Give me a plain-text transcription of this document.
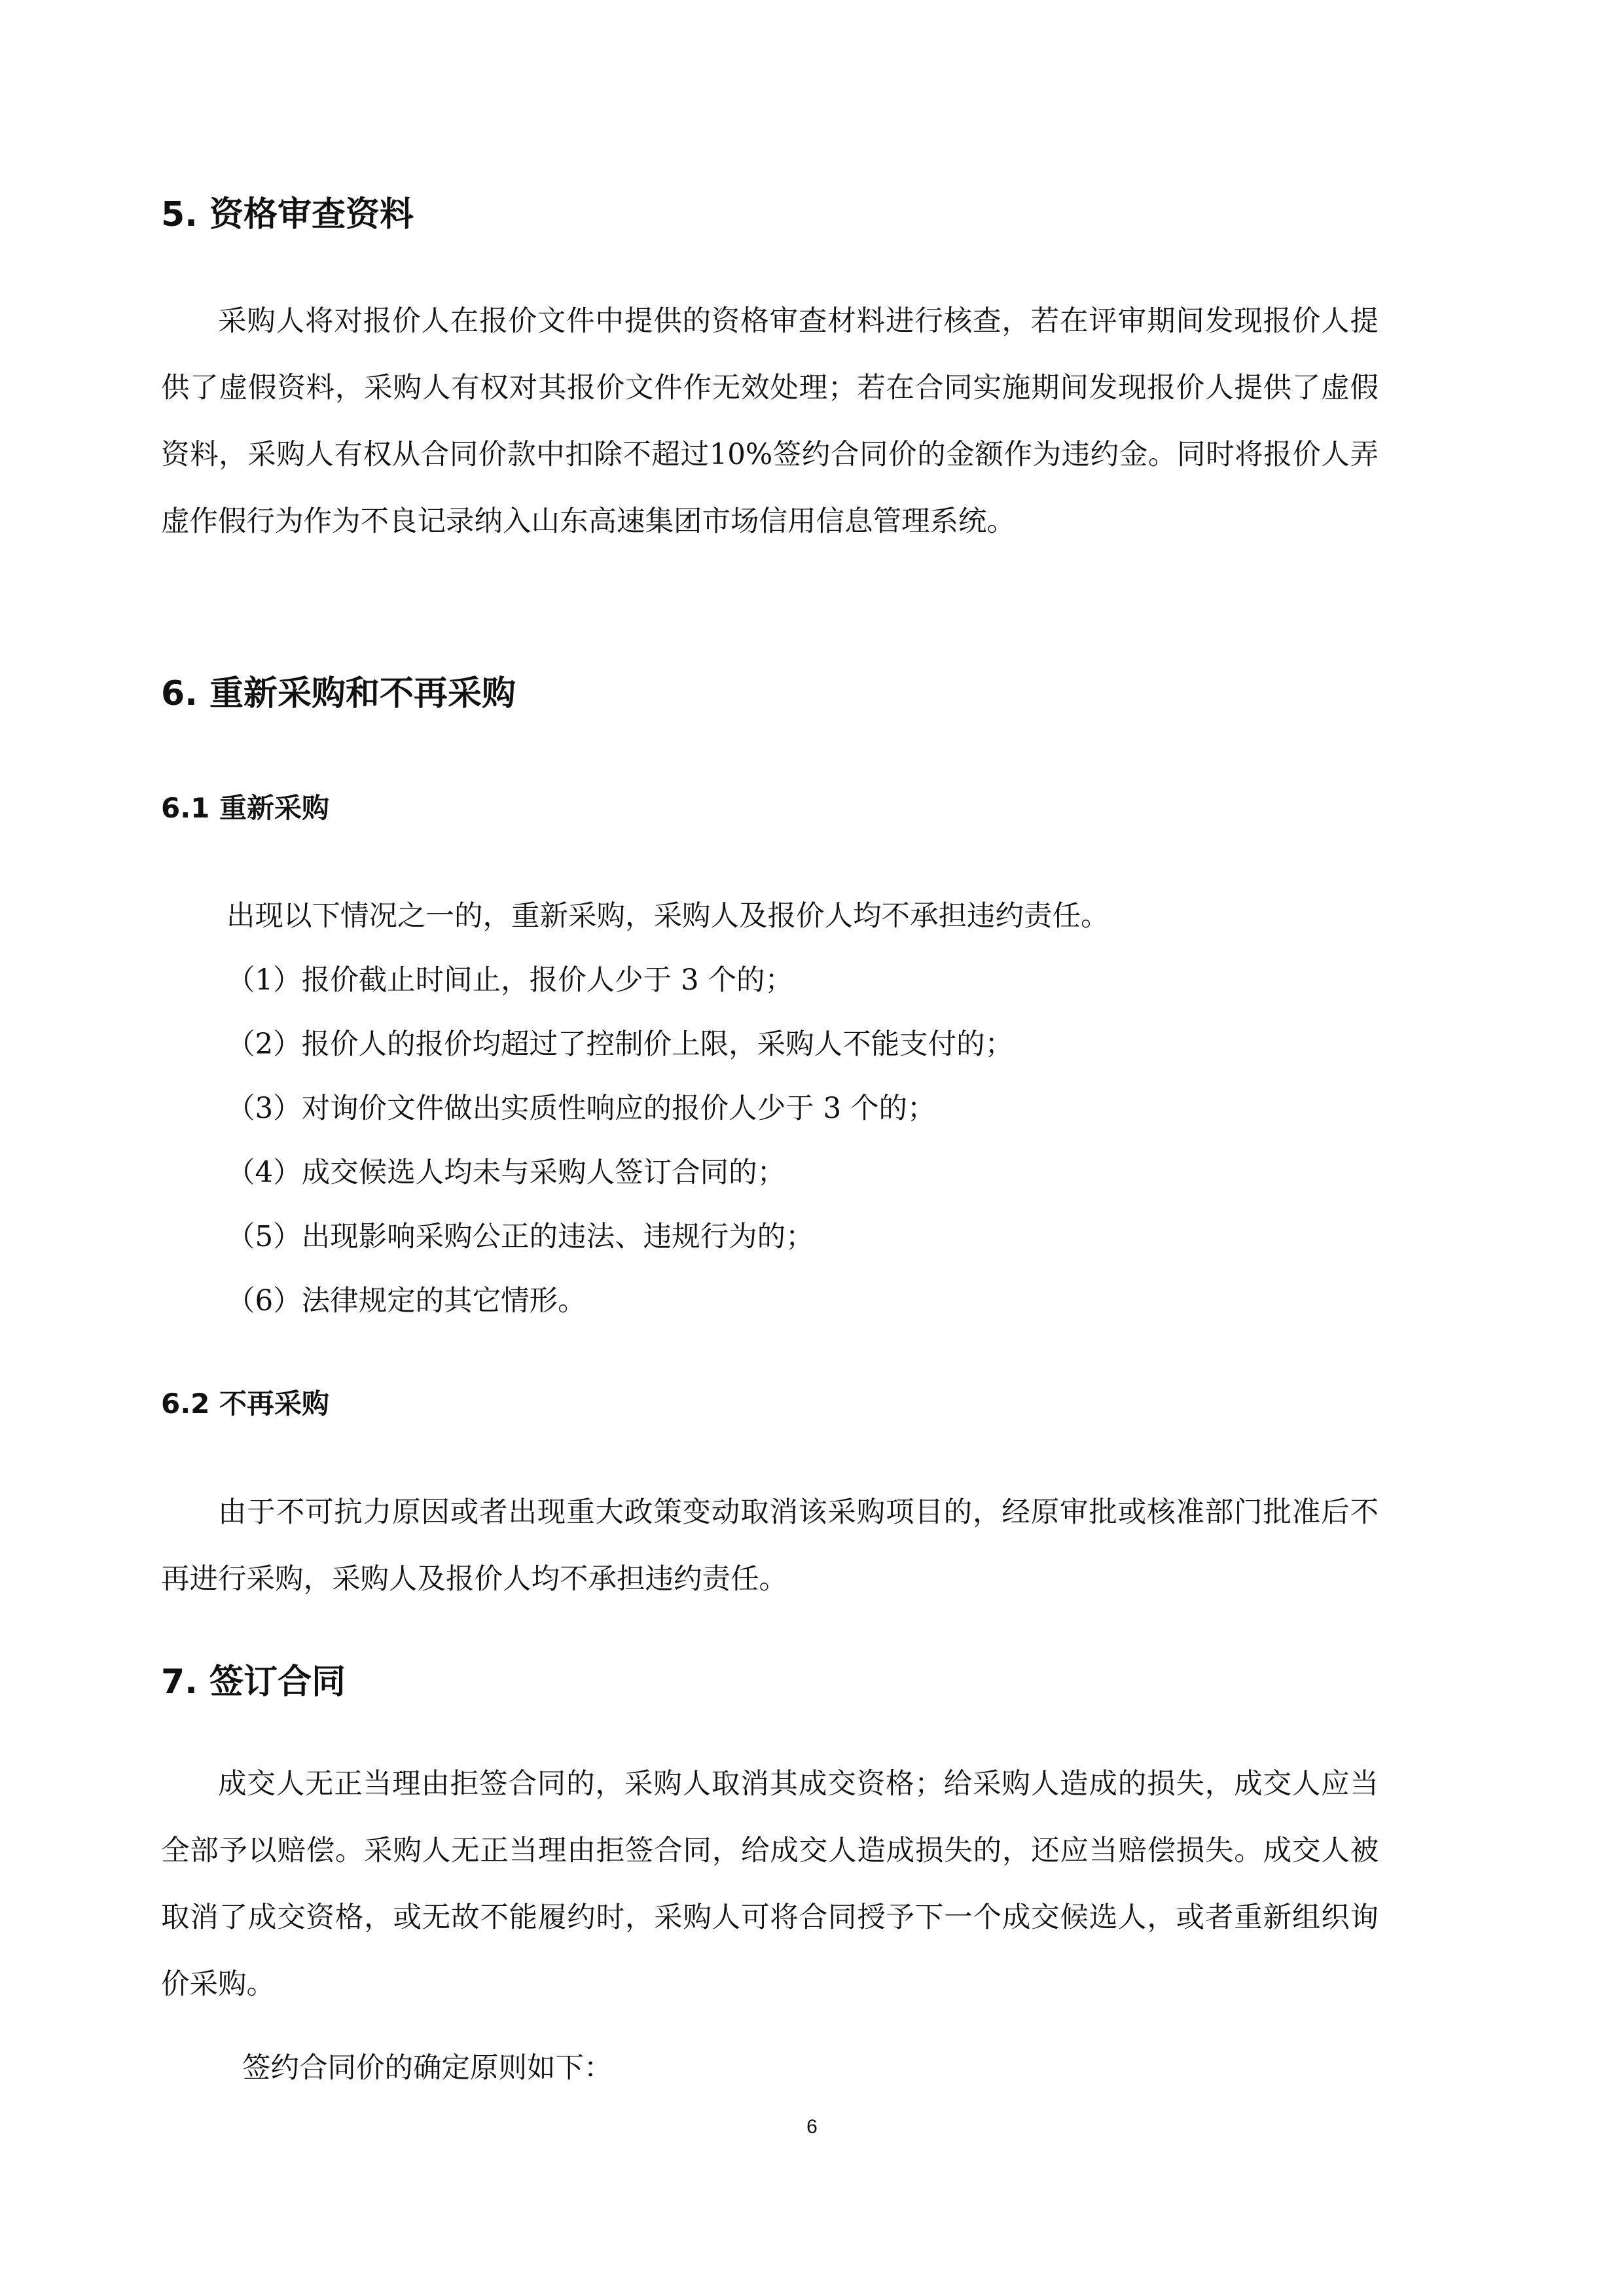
5. 资格审查资料

采购人将对报价人在报价文件中提供的资格审查材料进行核查，若在评审期间发现报价人提供了虚假资料，采购人有权对其报价文件作无效处理；若在合同实施期间发现报价人提供了虚假资料，采购人有权从合同价款中扣除不超过10%签约合同价的金额作为违约金。同时将报价人弄虚作假行为作为不良记录纳入山东高速集团市场信用信息管理系统。

6. 重新采购和不再采购
6.1 重新采购

出现以下情况之一的，重新采购，采购人及报价人均不承担违约责任。

（1）报价截止时间止，报价人少于 3 个的；

（2）报价人的报价均超过了控制价上限，采购人不能支付的；

（3）对询价文件做出实质性响应的报价人少于 3 个的；

（4）成交候选人均未与采购人签订合同的；

（5）出现影响采购公正的违法、违规行为的；

（6）法律规定的其它情形。

6.2 不再采购

由于不可抗力原因或者出现重大政策变动取消该采购项目的，经原审批或核准部门批准后不再进行采购，采购人及报价人均不承担违约责任。

7. 签订合同

成交人无正当理由拒签合同的，采购人取消其成交资格；给采购人造成的损失，成交人应当全部予以赔偿。采购人无正当理由拒签合同，给成交人造成损失的，还应当赔偿损失。成交人被取消了成交资格，或无故不能履约时，采购人可将合同授予下一个成交候选人，或者重新组织询价采购。

签约合同价的确定原则如下：

6
